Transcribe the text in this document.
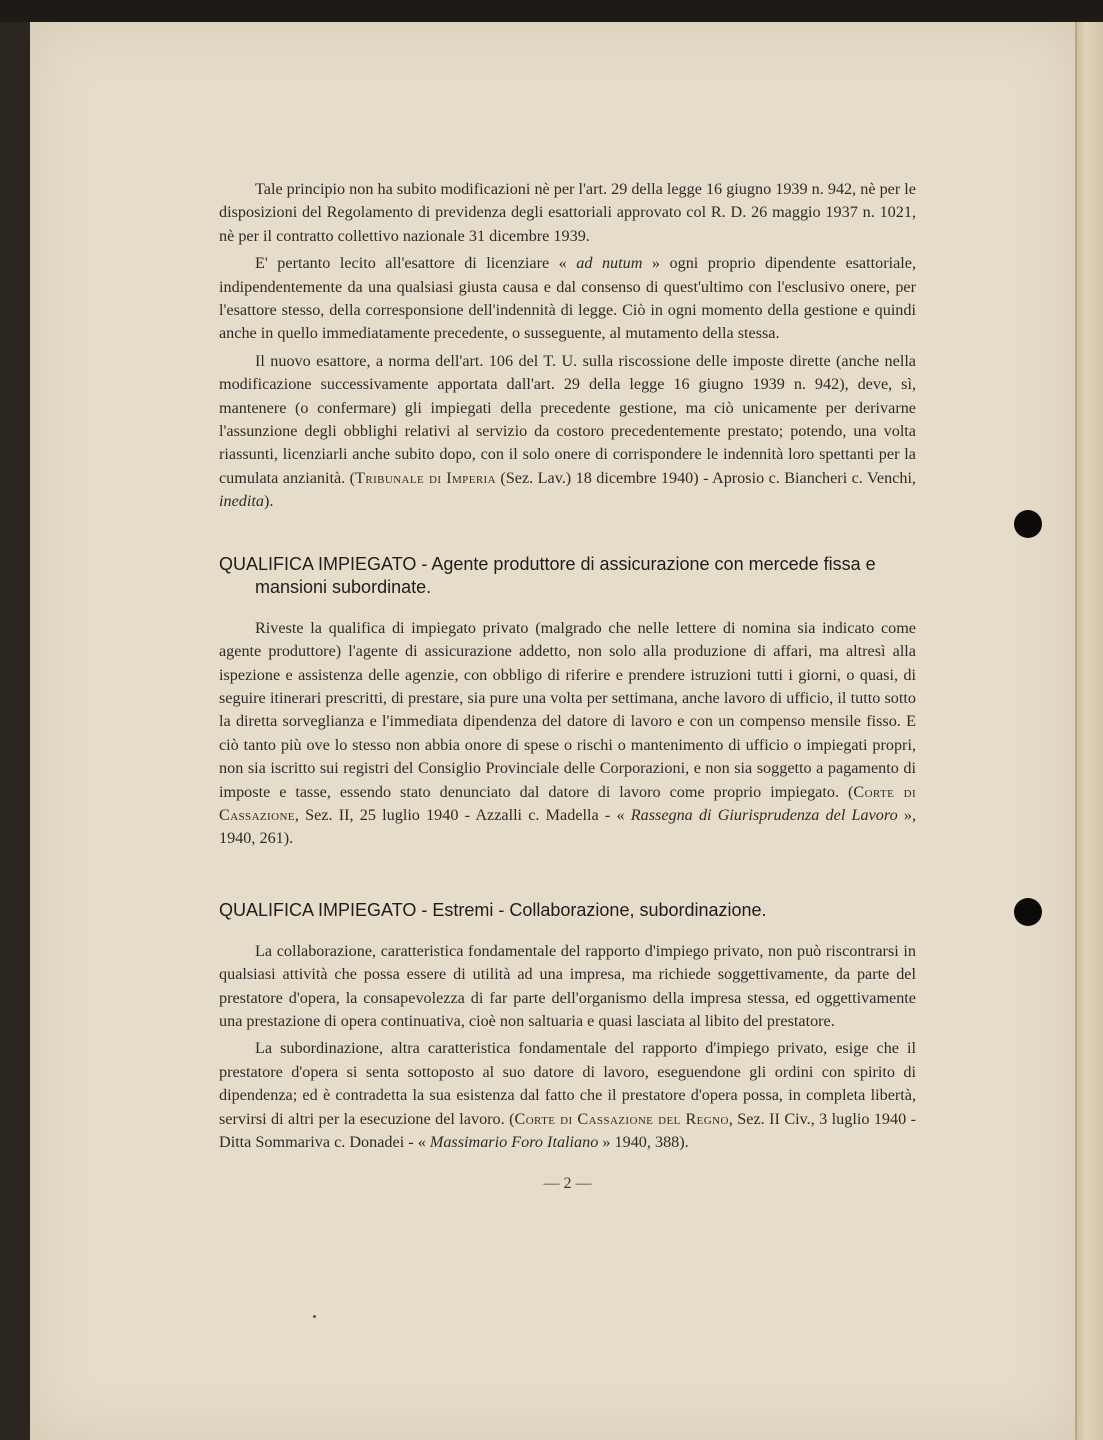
Tale principio non ha subito modificazioni nè per l'art. 29 della legge 16 giugno 1939 n. 942, nè per le disposizioni del Regolamento di previdenza degli esattoriali approvato col R. D. 26 maggio 1937 n. 1021, nè per il contratto collettivo nazionale 31 dicembre 1939.

E' pertanto lecito all'esattore di licenziare « ad nutum » ogni proprio dipendente esattoriale, indipendentemente da una qualsiasi giusta causa e dal consenso di quest'ultimo con l'esclusivo onere, per l'esattore stesso, della corresponsione dell'indennità di legge. Ciò in ogni momento della gestione e quindi anche in quello immediatamente precedente, o susseguente, al mutamento della stessa.

Il nuovo esattore, a norma dell'art. 106 del T. U. sulla riscossione delle imposte dirette (anche nella modificazione successivamente apportata dall'art. 29 della legge 16 giugno 1939 n. 942), deve, sì, mantenere (o confermare) gli impiegati della precedente gestione, ma ciò unicamente per derivarne l'assunzione degli obblighi relativi al servizio da costoro precedentemente prestato; potendo, una volta riassunti, licenziarli anche subito dopo, con il solo onere di corrispondere le indennità loro spettanti per la cumulata anzianità. (Tribunale di Imperia (Sez. Lav.) 18 dicembre 1940) - Aprosio c. Biancheri c. Venchi, inedita).

QUALIFICA IMPIEGATO - Agente produttore di assicurazione con mercede fissa e mansioni subordinate.

Riveste la qualifica di impiegato privato (malgrado che nelle lettere di nomina sia indicato come agente produttore) l'agente di assicurazione addetto, non solo alla produzione di affari, ma altresì alla ispezione e assistenza delle agenzie, con obbligo di riferire e prendere istruzioni tutti i giorni, o quasi, di seguire itinerari prescritti, di prestare, sia pure una volta per settimana, anche lavoro di ufficio, il tutto sotto la diretta sorveglianza e l'immediata dipendenza del datore di lavoro e con un compenso mensile fisso. E ciò tanto più ove lo stesso non abbia onore di spese o rischi o mantenimento di ufficio o impiegati propri, non sia iscritto sui registri del Consiglio Provinciale delle Corporazioni, e non sia soggetto a pagamento di imposte e tasse, essendo stato denunciato dal datore di lavoro come proprio impiegato. (Corte di Cassazione, Sez. II, 25 luglio 1940 - Azzalli c. Madella - « Rassegna di Giurisprudenza del Lavoro », 1940, 261).

QUALIFICA IMPIEGATO - Estremi - Collaborazione, subordinazione.

La collaborazione, caratteristica fondamentale del rapporto d'impiego privato, non può riscontrarsi in qualsiasi attività che possa essere di utilità ad una impresa, ma richiede soggettivamente, da parte del prestatore d'opera, la consapevolezza di far parte dell'organismo della impresa stessa, ed oggettivamente una prestazione di opera continuativa, cioè non saltuaria e quasi lasciata al libito del prestatore.

La subordinazione, altra caratteristica fondamentale del rapporto d'impiego privato, esige che il prestatore d'opera si senta sottoposto al suo datore di lavoro, eseguendone gli ordini con spirito di dipendenza; ed è contradetta la sua esistenza dal fatto che il prestatore d'opera possa, in completa libertà, servirsi di altri per la esecuzione del lavoro. (Corte di Cassazione del Regno, Sez. II Civ., 3 luglio 1940 - Ditta Sommariva c. Donadei - « Massimario Foro Italiano » 1940, 388).

— 2 —
